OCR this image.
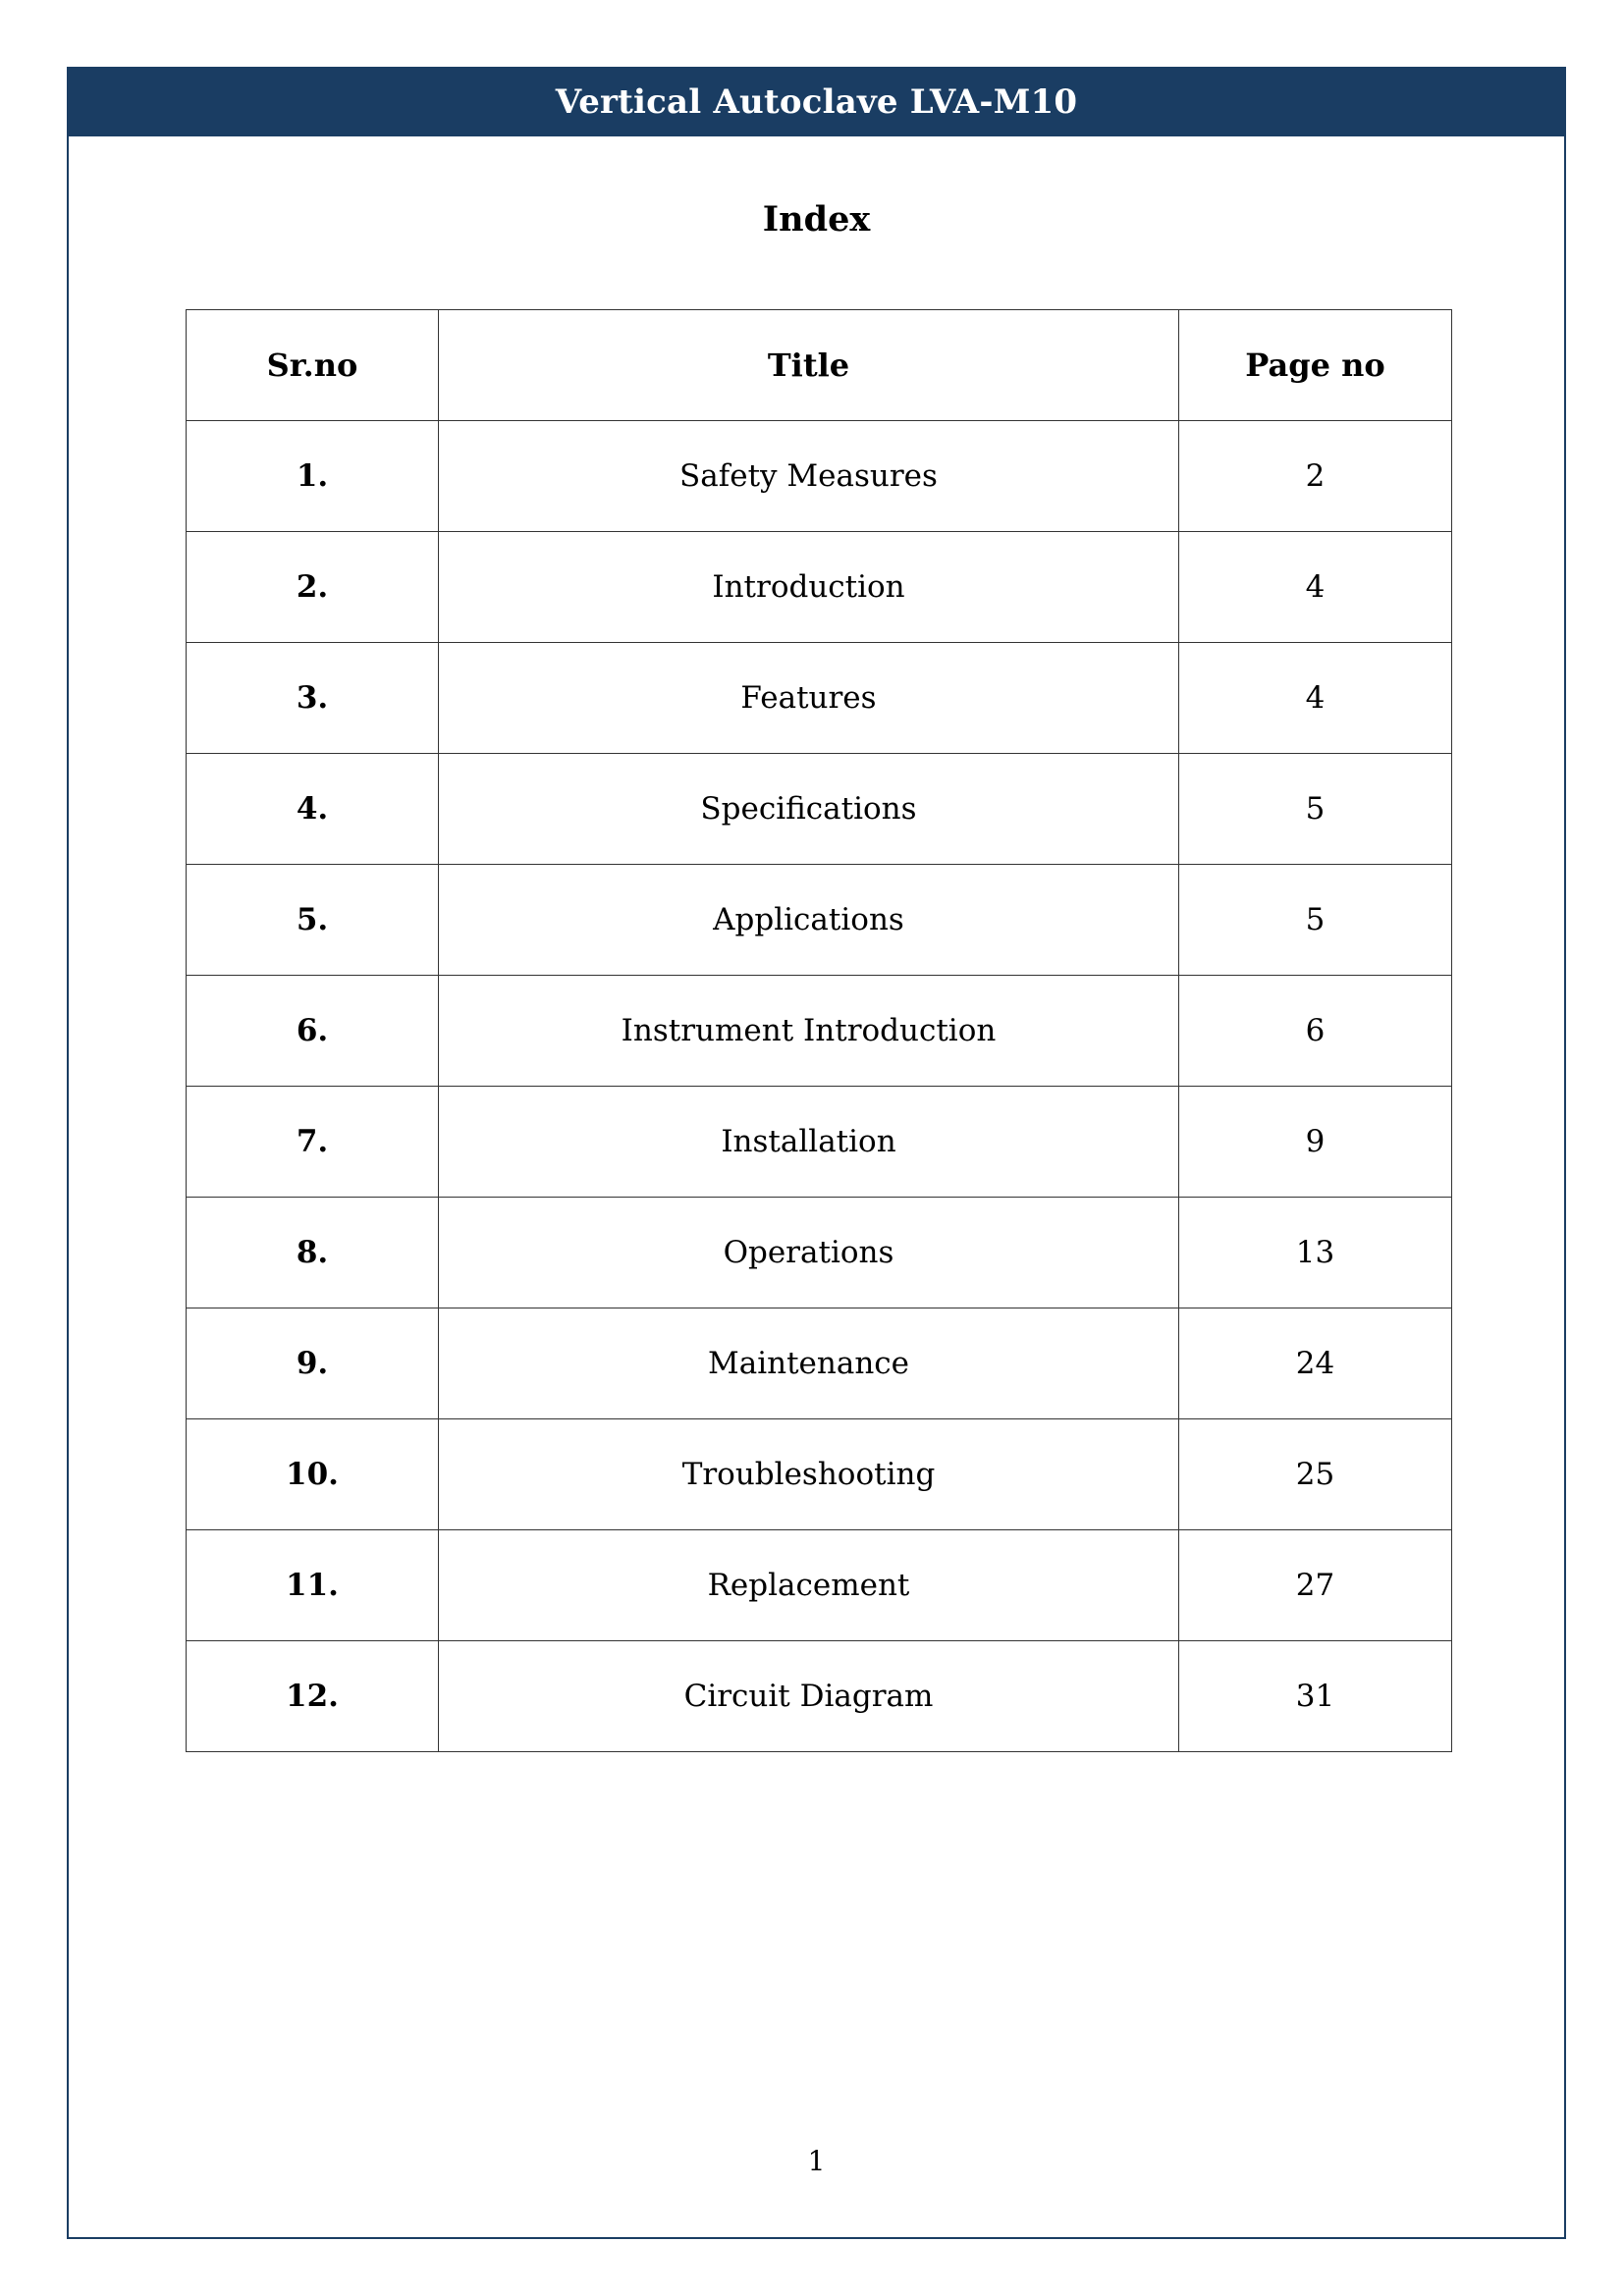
Vertical Autoclave LVA-M10
Index
Sr.no	Title	Page no
1.	Safety Measures	2
2.	Introduction	4
3.	Features	4
4.	Specifications	5
5.	Applications	5
6.	Instrument Introduction	6
7.	Installation	9
8.	Operations	13
9.	Maintenance	24
10.	Troubleshooting	25
11.	Replacement	27
12.	Circuit Diagram	31
1
